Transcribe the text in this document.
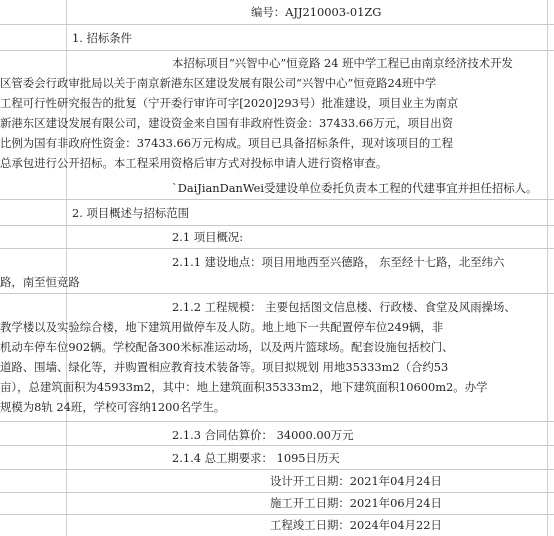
编号：AJJ210003-01ZG
1. 招标条件
本招标项目“兴智中心”恒竞路 24 班中学工程已由南京经济技术开发
区管委会行政审批局以关于南京新港东区建设发展有限公司“兴智中心”恒竞路24班中学
工程可行性研究报告的批复（宁开委行审许可字[2020]293号）批准建设，项目业主为南京
新港东区建设发展有限公司，建设资金来自国有非政府性资金：37433.66万元，项目出资
比例为国有非政府性资金：37433.66万元构成。项目已具备招标条件，现对该项目的工程
总承包进行公开招标。本工程采用资格后审方式对投标申请人进行资格审查。
`DaiJianDanWei受建设单位委托负责本工程的代建事宜并担任招标人。
2. 项目概述与招标范围
2.1 项目概况:
2.1.1 建设地点：项目用地西至兴德路， 东至经十七路，北至纬六
路，南至恒竞路
2.1.2 工程规模： 主要包括图文信息楼、行政楼、食堂及风雨操场、
教学楼以及实验综合楼，地下建筑用做停车及人防。地上地下一共配置停车位249辆，非
机动车停车位902辆。学校配备300米标准运动场，以及两片篮球场。配套设施包括校门、
道路、围墙、绿化等，并购置相应教育技术装备等。项目拟规划 用地35333m2（合约53
亩），总建筑面积为45933m2，其中：地上建筑面积35333m2，地下建筑面积10600m2。办学
规模为8轨 24班，学校可容纳1200名学生。
2.1.3 合同估算价： 34000.00万元
2.1.4 总工期要求： 1095日历天
设计开工日期：2021年04月24日
施工开工日期：2021年06月24日
工程竣工日期：2024年04月22日
